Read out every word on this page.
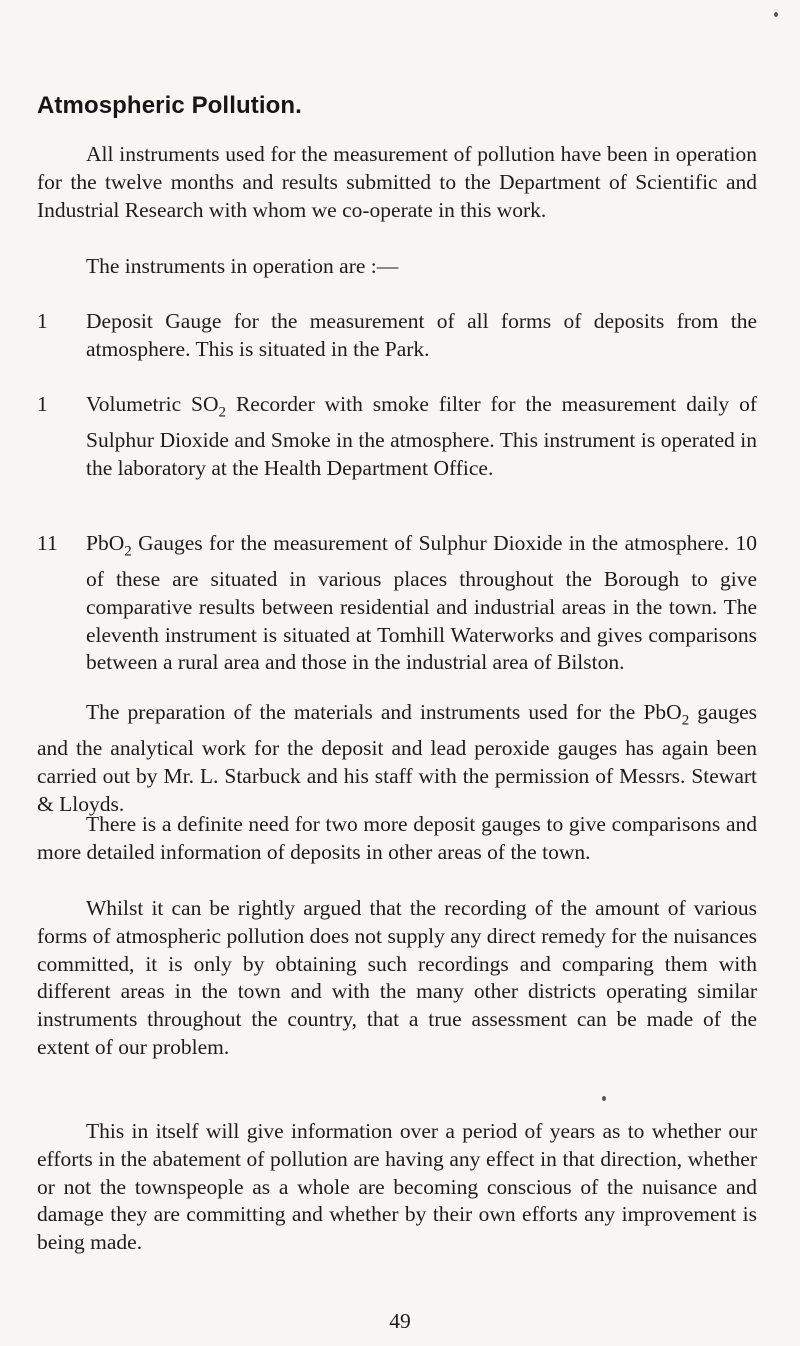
Atmospheric Pollution.

All instruments used for the measurement of pollution have been in operation for the twelve months and results submitted to the Department of Scientific and Industrial Research with whom we co-operate in this work.

The instruments in operation are :—

1	Deposit Gauge for the measurement of all forms of deposits from the atmosphere. This is situated in the Park.

1	Volumetric $SO_2$ Recorder with smoke filter for the measurement daily of Sulphur Dioxide and Smoke in the atmosphere. This instrument is operated in the laboratory at the Health Department Office.

11	PbO$_2$ Gauges for the measurement of Sulphur Dioxide in the atmosphere. 10 of these are situated in various places throughout the Borough to give comparative results between residential and industrial areas in the town. The eleventh instrument is situated at Tomhill Waterworks and gives comparisons between a rural area and those in the industrial area of Bilston.

The preparation of the materials and instruments used for the PbO$_2$ gauges and the analytical work for the deposit and lead peroxide gauges has again been carried out by Mr. L. Starbuck and his staff with the permission of Messrs. Stewart & Lloyds.

There is a definite need for two more deposit gauges to give comparisons and more detailed information of deposits in other areas of the town.

Whilst it can be rightly argued that the recording of the amount of various forms of atmospheric pollution does not supply any direct remedy for the nuisances committed, it is only by obtaining such recordings and comparing them with different areas in the town and with the many other districts operating similar instruments throughout the country, that a true assessment can be made of the extent of our problem.

This in itself will give information over a period of years as to whether our efforts in the abatement of pollution are having any effect in that direction, whether or not the townspeople as a whole are becoming conscious of the nuisance and damage they are committing and whether by their own efforts any improvement is being made.

49
